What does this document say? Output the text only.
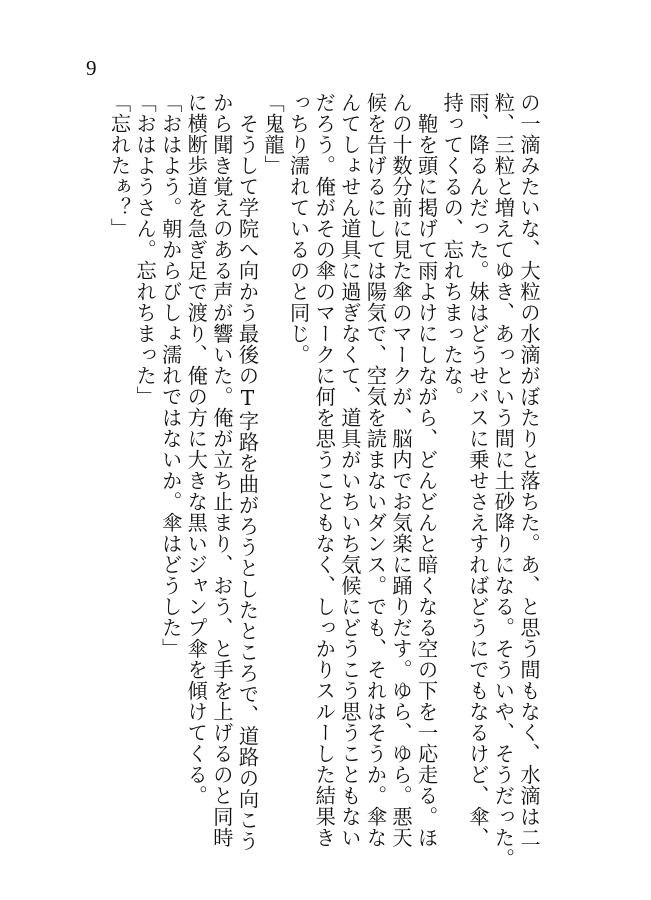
9
の一滴みたいな、大粒の水滴がぼたりと落ちた。あ、と思う間もなく、水滴は二
粒、三粒と増えてゆき、あっという間に土砂降りになる。そういや、そうだった。
雨、降るんだった。妹はどうせバスに乗せさえすればどうにでもなるけど、傘、
持ってくるの、忘れちまったな。
　鞄を頭に掲げて雨よけにしながら、どんどんと暗くなる空の下を一応走る。ほ
んの十数分前に見た傘のマークが、脳内でお気楽に踊りだす。ゆら、ゆら。悪天
候を告げるにしては陽気で、空気を読まないダンス。でも、それはそうか。傘な
んてしょせん道具に過ぎなくて、道具がいちいち気候にどうこう思うこともない
だろう。俺がその傘のマークに何を思うこともなく、しっかりスルーした結果き
っちり濡れているのと同じ。
「鬼龍」
　そうして学院へ向かう最後のT字路を曲がろうとしたところで、道路の向こう
から聞き覚えのある声が響いた。俺が立ち止まり、おう、と手を上げるのと同時
に横断歩道を急ぎ足で渡り、俺の方に大きな黒いジャンプ傘を傾けてくる。
「おはよう。朝からびしょ濡れではないか。傘はどうした」
「おはようさん。忘れちまった」
「忘れたぁ？」
